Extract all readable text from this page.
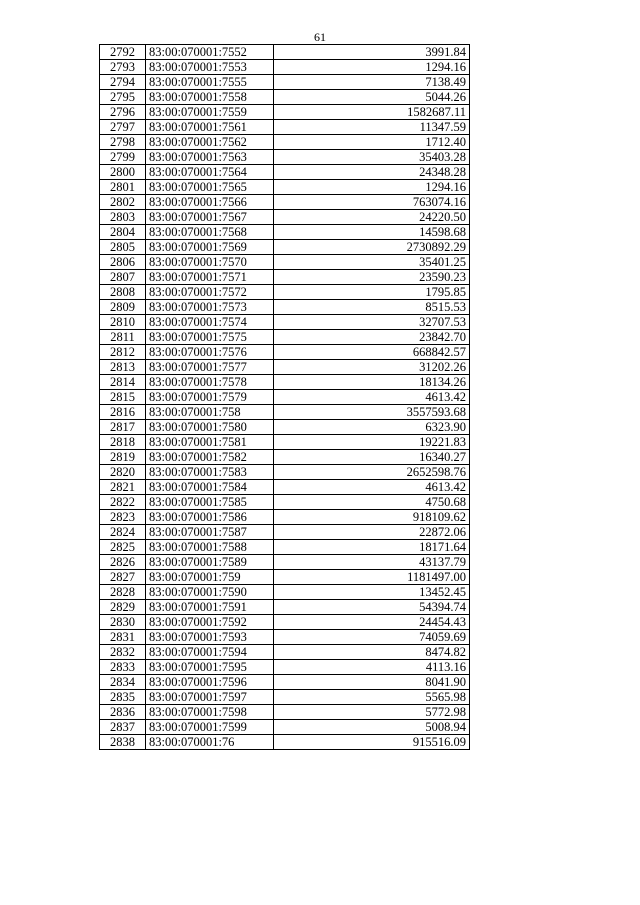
61
2792	83:00:070001:7552	3991.84
2793	83:00:070001:7553	1294.16
2794	83:00:070001:7555	7138.49
2795	83:00:070001:7558	5044.26
2796	83:00:070001:7559	1582687.11
2797	83:00:070001:7561	11347.59
2798	83:00:070001:7562	1712.40
2799	83:00:070001:7563	35403.28
2800	83:00:070001:7564	24348.28
2801	83:00:070001:7565	1294.16
2802	83:00:070001:7566	763074.16
2803	83:00:070001:7567	24220.50
2804	83:00:070001:7568	14598.68
2805	83:00:070001:7569	2730892.29
2806	83:00:070001:7570	35401.25
2807	83:00:070001:7571	23590.23
2808	83:00:070001:7572	1795.85
2809	83:00:070001:7573	8515.53
2810	83:00:070001:7574	32707.53
2811	83:00:070001:7575	23842.70
2812	83:00:070001:7576	668842.57
2813	83:00:070001:7577	31202.26
2814	83:00:070001:7578	18134.26
2815	83:00:070001:7579	4613.42
2816	83:00:070001:758	3557593.68
2817	83:00:070001:7580	6323.90
2818	83:00:070001:7581	19221.83
2819	83:00:070001:7582	16340.27
2820	83:00:070001:7583	2652598.76
2821	83:00:070001:7584	4613.42
2822	83:00:070001:7585	4750.68
2823	83:00:070001:7586	918109.62
2824	83:00:070001:7587	22872.06
2825	83:00:070001:7588	18171.64
2826	83:00:070001:7589	43137.79
2827	83:00:070001:759	1181497.00
2828	83:00:070001:7590	13452.45
2829	83:00:070001:7591	54394.74
2830	83:00:070001:7592	24454.43
2831	83:00:070001:7593	74059.69
2832	83:00:070001:7594	8474.82
2833	83:00:070001:7595	4113.16
2834	83:00:070001:7596	8041.90
2835	83:00:070001:7597	5565.98
2836	83:00:070001:7598	5772.98
2837	83:00:070001:7599	5008.94
2838	83:00:070001:76	915516.09
